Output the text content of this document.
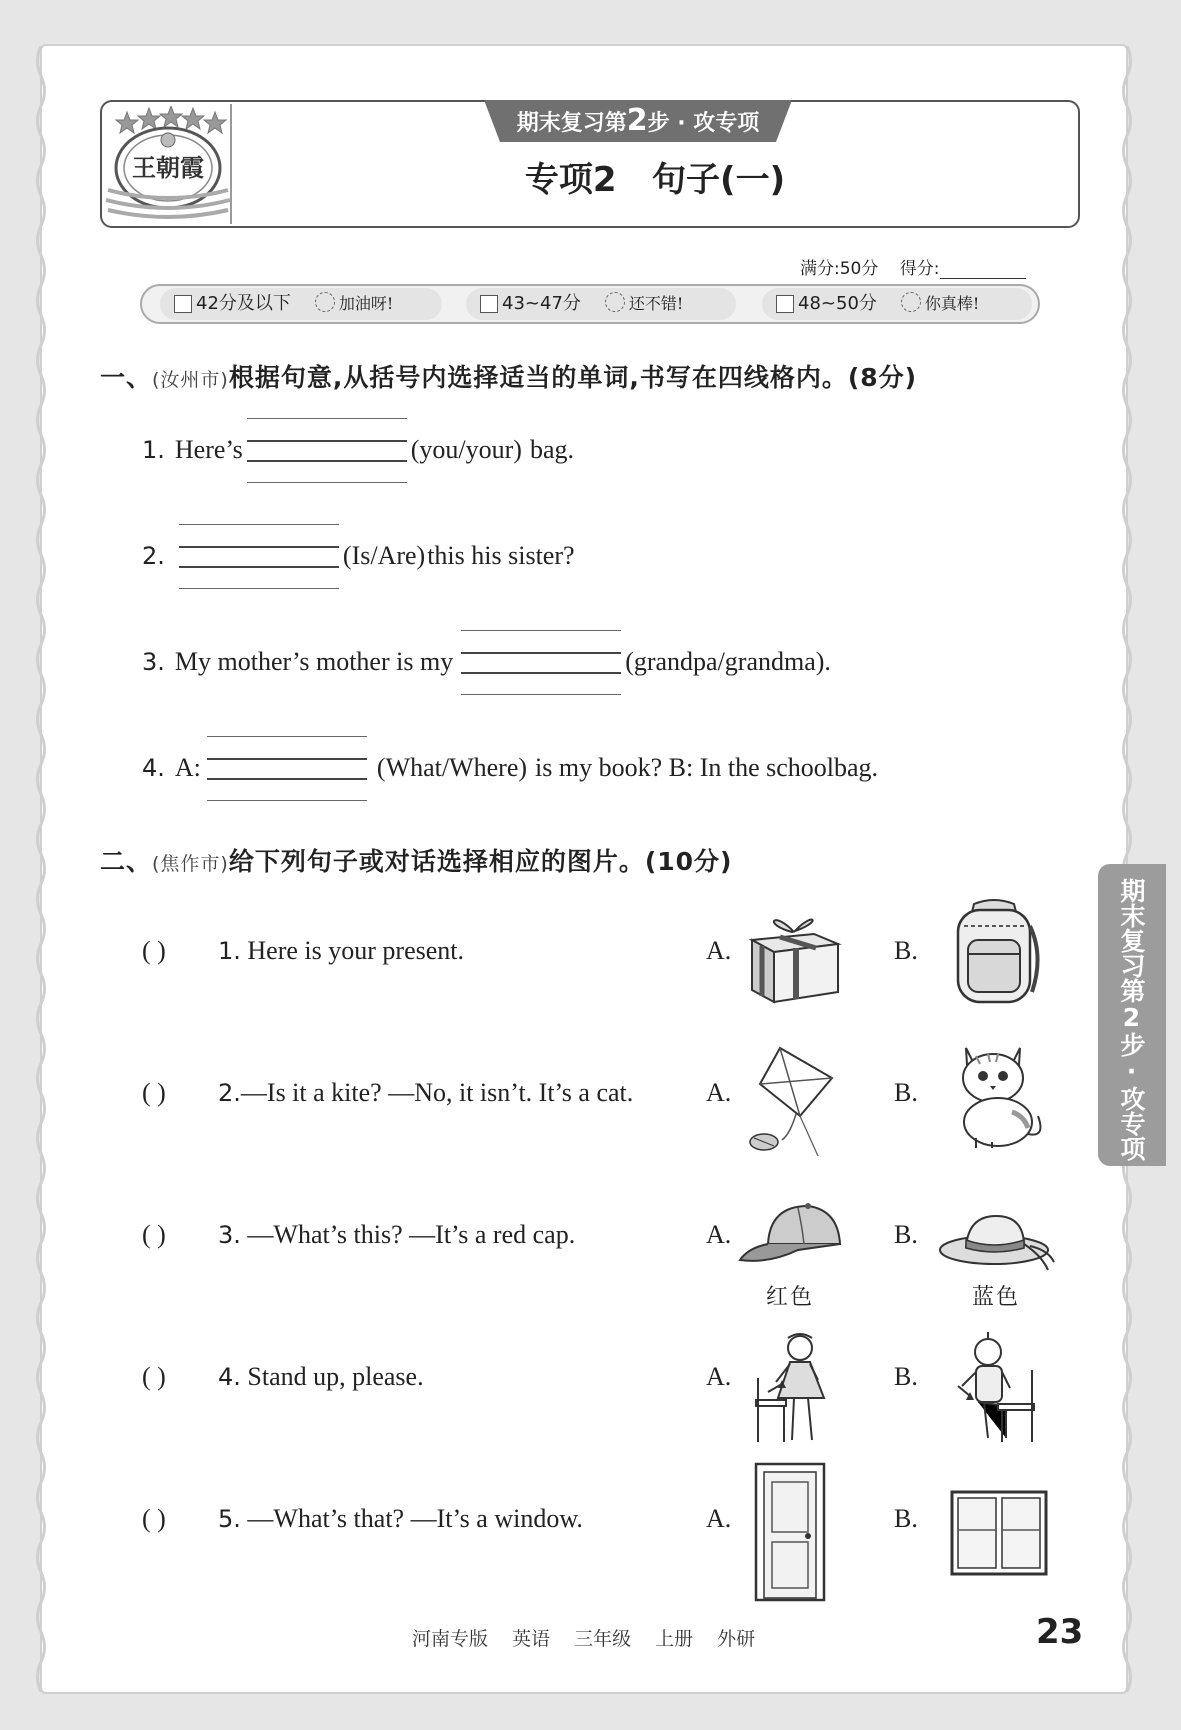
王朝霞
期末复习第2步 · 攻专项
专项2   句子(一)
满分:50分 得分:
42分及以下	加油呀!	43~47分	还不错!	48~50分	你真棒!
一、(汝州市)根据句意,从括号内选择适当的单词,书写在四线格内。(8分)
1. Here’s	(you/your) bag.
2.	(Is/Are) this his sister?
3. My mother’s mother is my	(grandpa/grandma).
4. A:	(What/Where) is my book? B: In the schoolbag.
二、(焦作市)给下列句子或对话选择相应的图片。(10分)
( ) 1. Here is your present.
( ) 2.—Is it a kite? —No, it isn’t. It’s a cat.
( ) 3. —What’s this? —It’s a red cap.
( ) 4. Stand up, please.
( ) 5. —What’s that? —It’s a window.
A.	B.
A.	B.
A.	B.
A.	B.
A.	B.
红色	蓝色
期末复习第2步·攻专项
河南专版 英语 三年级 上册 外研	23
